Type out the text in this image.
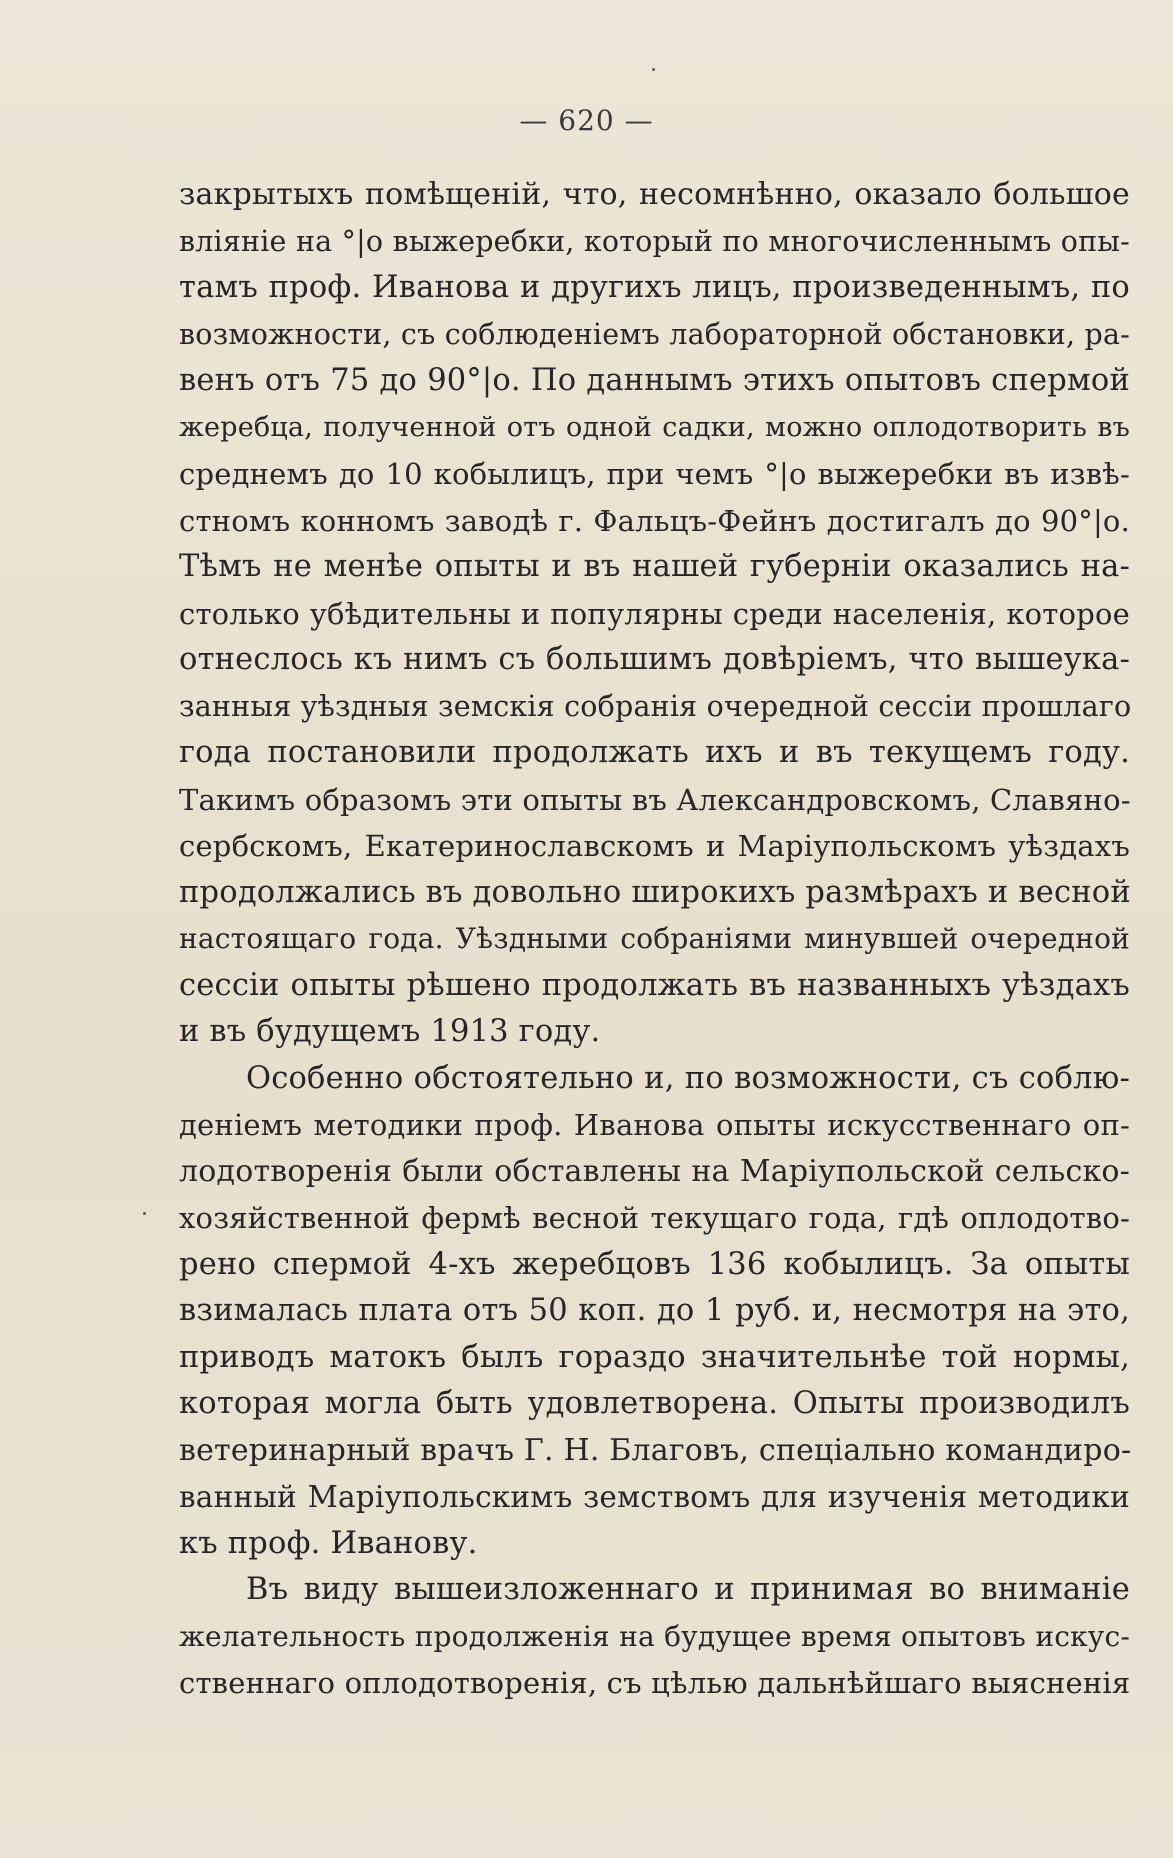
— 620 —
закрытыхъ помѣщеній, что, несомнѣнно, оказало большое
вліяніе на °|о выжеребки, который по многочисленнымъ опы-
тамъ проф. Иванова и другихъ лицъ, произведеннымъ, по
возможности, съ соблюденіемъ лабораторной обстановки, ра-
венъ отъ 75 до 90°|о. По даннымъ этихъ опытовъ спермой
жеребца, полученной отъ одной садки, можно оплодотворить въ
среднемъ до 10 кобылицъ, при чемъ °|о выжеребки въ извѣ-
стномъ конномъ заводѣ г. Фальцъ-Фейнъ достигалъ до 90°|о.
Тѣмъ не менѣе опыты и въ нашей губерніи оказались на-
столько убѣдительны и популярны среди населенія, которое
отнеслось къ нимъ съ большимъ довѣріемъ, что вышеука-
занныя уѣздныя земскія собранія очередной сессіи прошлаго
года постановили продолжать ихъ и въ текущемъ году.
Такимъ образомъ эти опыты въ Александровскомъ, Славяно-
сербскомъ, Екатеринославскомъ и Маріупольскомъ уѣздахъ
продолжались въ довольно широкихъ размѣрахъ и весной
настоящаго года. Уѣздными собраніями минувшей очередной
сессіи опыты рѣшено продолжать въ названныхъ уѣздахъ
и въ будущемъ 1913 году.
Особенно обстоятельно и, по возможности, съ соблю-
деніемъ методики проф. Иванова опыты искусственнаго оп-
лодотворенія были обставлены на Маріупольской сельско-
хозяйственной фермѣ весной текущаго года, гдѣ оплодотво-
рено спермой 4-хъ жеребцовъ 136 кобылицъ. За опыты
взималась плата отъ 50 коп. до 1 руб. и, несмотря на это,
приводъ матокъ былъ гораздо значительнѣе той нормы,
которая могла быть удовлетворена. Опыты производилъ
ветеринарный врачъ Г. Н. Благовъ, спеціально командиро-
ванный Маріупольскимъ земствомъ для изученія методики
къ проф. Иванову.
Въ виду вышеизложеннаго и принимая во вниманіе
желательность продолженія на будущее время опытовъ искус-
ственнаго оплодотворенія, съ цѣлью дальнѣйшаго выясненія
